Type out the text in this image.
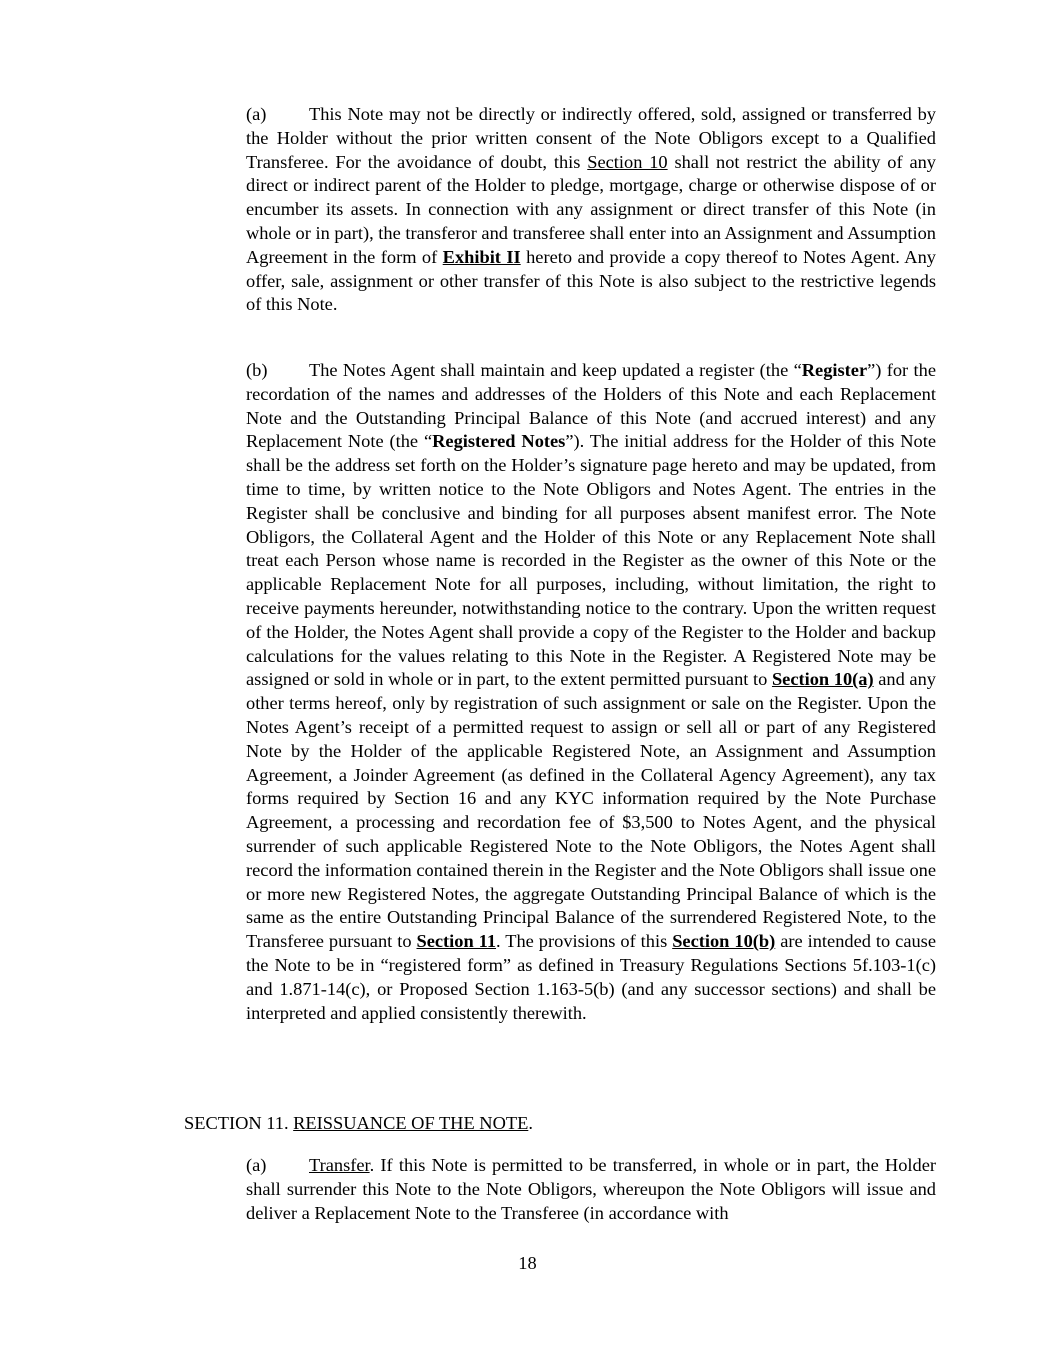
(a) This Note may not be directly or indirectly offered, sold, assigned or transferred by the Holder without the prior written consent of the Note Obligors except to a Qualified Transferee. For the avoidance of doubt, this Section 10 shall not restrict the ability of any direct or indirect parent of the Holder to pledge, mortgage, charge or otherwise dispose of or encumber its assets. In connection with any assignment or direct transfer of this Note (in whole or in part), the transferor and transferee shall enter into an Assignment and Assumption Agreement in the form of Exhibit II hereto and provide a copy thereof to Notes Agent. Any offer, sale, assignment or other transfer of this Note is also subject to the restrictive legends of this Note.

(b) The Notes Agent shall maintain and keep updated a register (the “Register”) for the recordation of the names and addresses of the Holders of this Note and each Replacement Note and the Outstanding Principal Balance of this Note (and accrued interest) and any Replacement Note (the “Registered Notes”). The initial address for the Holder of this Note shall be the address set forth on the Holder’s signature page hereto and may be updated, from time to time, by written notice to the Note Obligors and Notes Agent. The entries in the Register shall be conclusive and binding for all purposes absent manifest error. The Note Obligors, the Collateral Agent and the Holder of this Note or any Replacement Note shall treat each Person whose name is recorded in the Register as the owner of this Note or the applicable Replacement Note for all purposes, including, without limitation, the right to receive payments hereunder, notwithstanding notice to the contrary. Upon the written request of the Holder, the Notes Agent shall provide a copy of the Register to the Holder and backup calculations for the values relating to this Note in the Register. A Registered Note may be assigned or sold in whole or in part, to the extent permitted pursuant to Section 10(a) and any other terms hereof, only by registration of such assignment or sale on the Register. Upon the Notes Agent’s receipt of a permitted request to assign or sell all or part of any Registered Note by the Holder of the applicable Registered Note, an Assignment and Assumption Agreement, a Joinder Agreement (as defined in the Collateral Agency Agreement), any tax forms required by Section 16 and any KYC information required by the Note Purchase Agreement, a processing and recordation fee of $3,500 to Notes Agent, and the physical surrender of such applicable Registered Note to the Note Obligors, the Notes Agent shall record the information contained therein in the Register and the Note Obligors shall issue one or more new Registered Notes, the aggregate Outstanding Principal Balance of which is the same as the entire Outstanding Principal Balance of the surrendered Registered Note, to the Transferee pursuant to Section 11. The provisions of this Section 10(b) are intended to cause the Note to be in “registered form” as defined in Treasury Regulations Sections 5f.103-1(c) and 1.871-14(c), or Proposed Section 1.163-5(b) (and any successor sections) and shall be interpreted and applied consistently therewith.

SECTION 11. REISSUANCE OF THE NOTE.

(a) Transfer. If this Note is permitted to be transferred, in whole or in part, the Holder shall surrender this Note to the Note Obligors, whereupon the Note Obligors will issue and deliver a Replacement Note to the Transferee (in accordance with

18
